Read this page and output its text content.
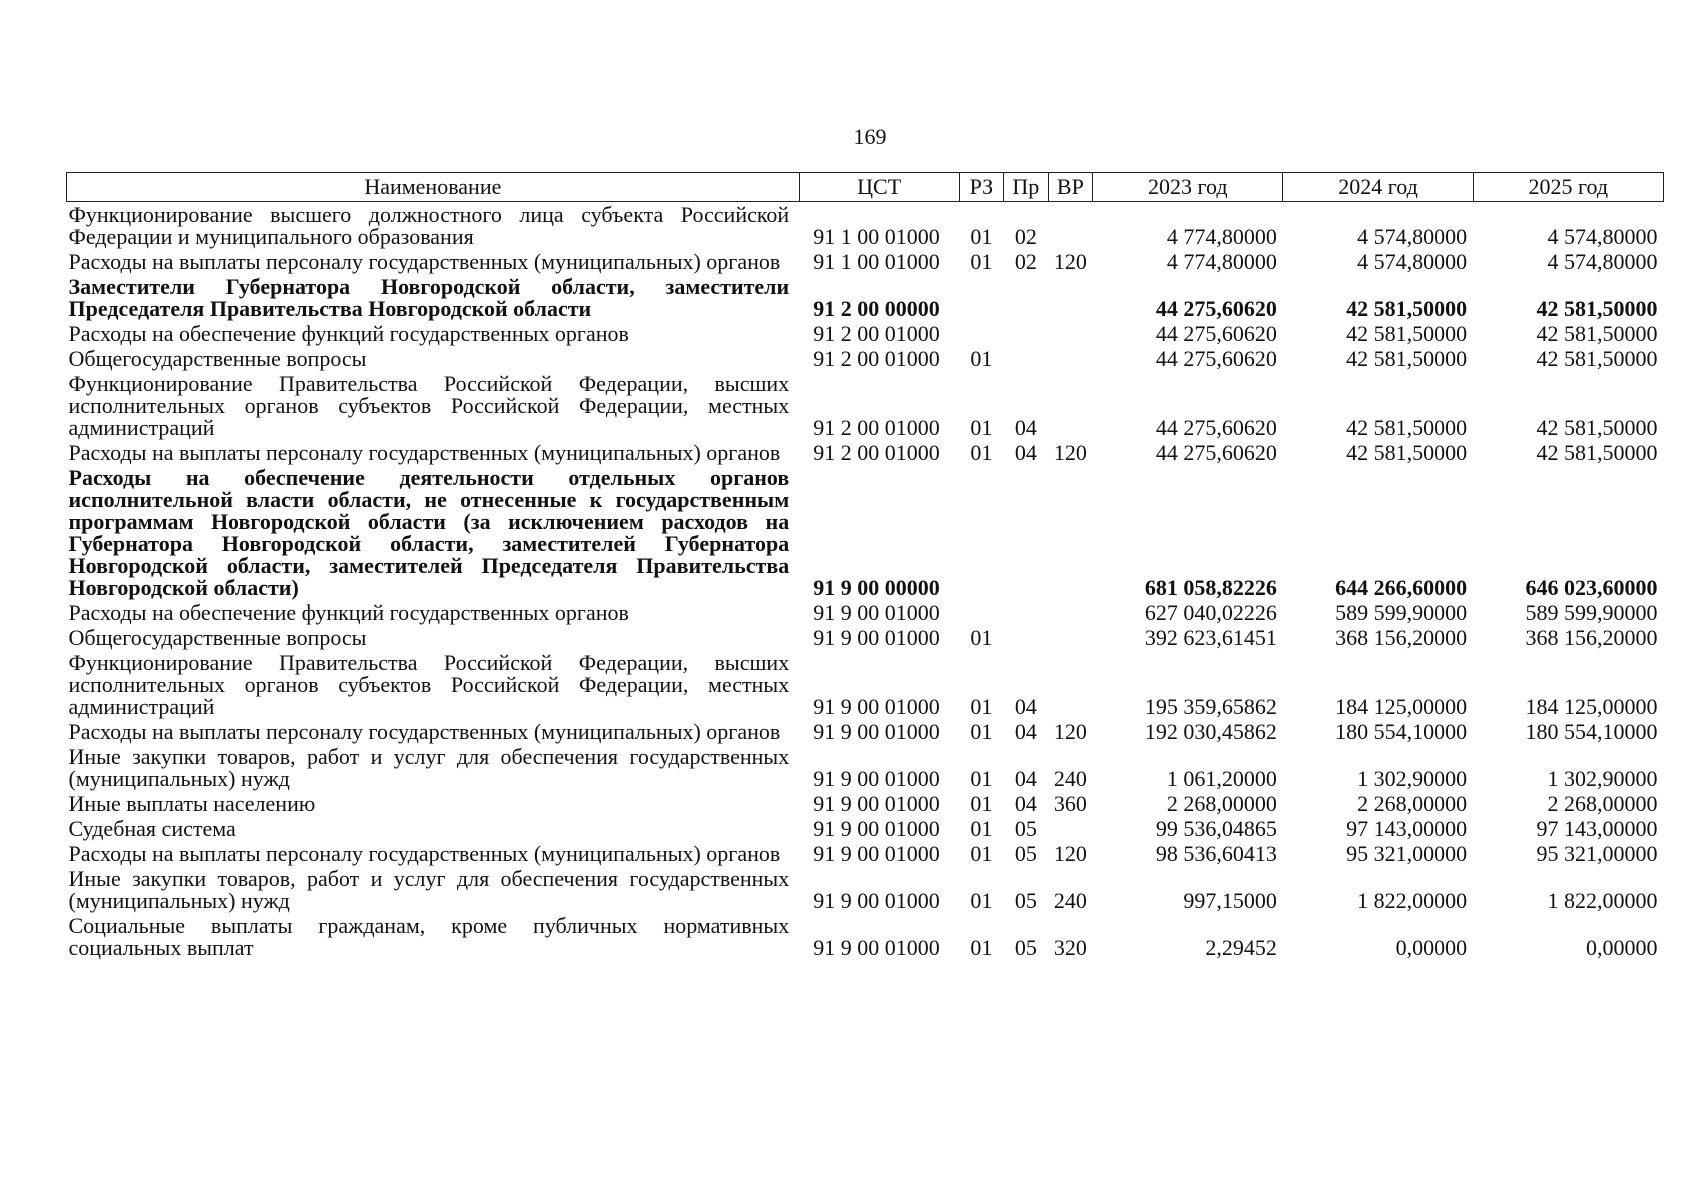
169
Наименование	ЦСТ	РЗ	Пр	ВР	2023 год	2024 год	2025 год
Функционирование высшего должностного лица субъекта Российской Федерации и муниципального образования	91 1 00 01000	01	02		4 774,80000	4 574,80000	4 574,80000
Расходы на выплаты персоналу государственных (муниципальных) органов	91 1 00 01000	01	02	120	4 774,80000	4 574,80000	4 574,80000
Заместители Губернатора Новгородской области, заместители Председателя Правительства Новгородской области	91 2 00 00000				44 275,60620	42 581,50000	42 581,50000
Расходы на обеспечение функций государственных органов	91 2 00 01000				44 275,60620	42 581,50000	42 581,50000
Общегосударственные вопросы	91 2 00 01000	01			44 275,60620	42 581,50000	42 581,50000
Функционирование Правительства Российской Федерации, высших исполнительных органов субъектов Российской Федерации, местных администраций	91 2 00 01000	01	04		44 275,60620	42 581,50000	42 581,50000
Расходы на выплаты персоналу государственных (муниципальных) органов	91 2 00 01000	01	04	120	44 275,60620	42 581,50000	42 581,50000
Расходы на обеспечение деятельности отдельных органов исполнительной власти области, не отнесенные к государственным программам Новгородской области (за исключением расходов на Губернатора Новгородской области, заместителей Губернатора Новгородской области, заместителей Председателя Правительства Новгородской области)	91 9 00 00000				681 058,82226	644 266,60000	646 023,60000
Расходы на обеспечение функций государственных органов	91 9 00 01000				627 040,02226	589 599,90000	589 599,90000
Общегосударственные вопросы	91 9 00 01000	01			392 623,61451	368 156,20000	368 156,20000
Функционирование Правительства Российской Федерации, высших исполнительных органов субъектов Российской Федерации, местных администраций	91 9 00 01000	01	04		195 359,65862	184 125,00000	184 125,00000
Расходы на выплаты персоналу государственных (муниципальных) органов	91 9 00 01000	01	04	120	192 030,45862	180 554,10000	180 554,10000
Иные закупки товаров, работ и услуг для обеспечения государственных (муниципальных) нужд	91 9 00 01000	01	04	240	1 061,20000	1 302,90000	1 302,90000
Иные выплаты населению	91 9 00 01000	01	04	360	2 268,00000	2 268,00000	2 268,00000
Судебная система	91 9 00 01000	01	05		99 536,04865	97 143,00000	97 143,00000
Расходы на выплаты персоналу государственных (муниципальных) органов	91 9 00 01000	01	05	120	98 536,60413	95 321,00000	95 321,00000
Иные закупки товаров, работ и услуг для обеспечения государственных (муниципальных) нужд	91 9 00 01000	01	05	240	997,15000	1 822,00000	1 822,00000
Социальные выплаты гражданам, кроме публичных нормативных социальных выплат	91 9 00 01000	01	05	320	2,29452	0,00000	0,00000
